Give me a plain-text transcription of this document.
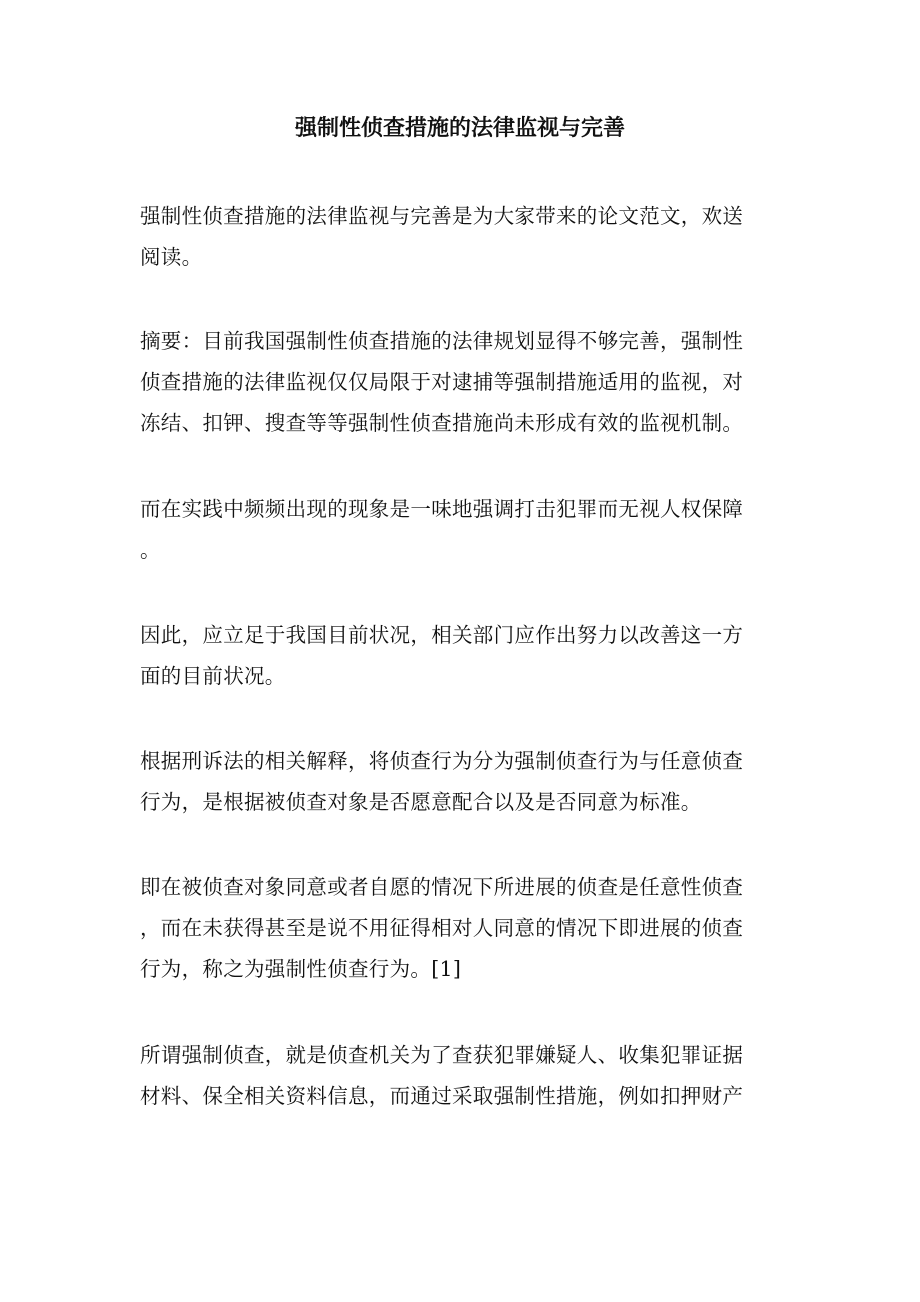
强制性侦查措施的法律监视与完善
强制性侦查措施的法律监视与完善是为大家带来的论文范文，欢送
阅读。
摘要：目前我国强制性侦查措施的法律规划显得不够完善，强制性
侦查措施的法律监视仅仅局限于对逮捕等强制措施适用的监视，对
冻结、扣钾、搜查等等强制性侦查措施尚未形成有效的监视机制。
而在实践中频频出现的现象是一味地强调打击犯罪而无视人权保障
。
因此，应立足于我国目前状况，相关部门应作出努力以改善这一方
面的目前状况。
根据刑诉法的相关解释，将侦查行为分为强制侦查行为与任意侦查
行为，是根据被侦查对象是否愿意配合以及是否同意为标准。
即在被侦查对象同意或者自愿的情况下所进展的侦查是任意性侦查
，而在未获得甚至是说不用征得相对人同意的情况下即进展的侦查
行为，称之为强制性侦查行为。[1]
所谓强制侦查，就是侦查机关为了查获犯罪嫌疑人、收集犯罪证据
材料、保全相关资料信息，而通过采取强制性措施，例如扣押财产
